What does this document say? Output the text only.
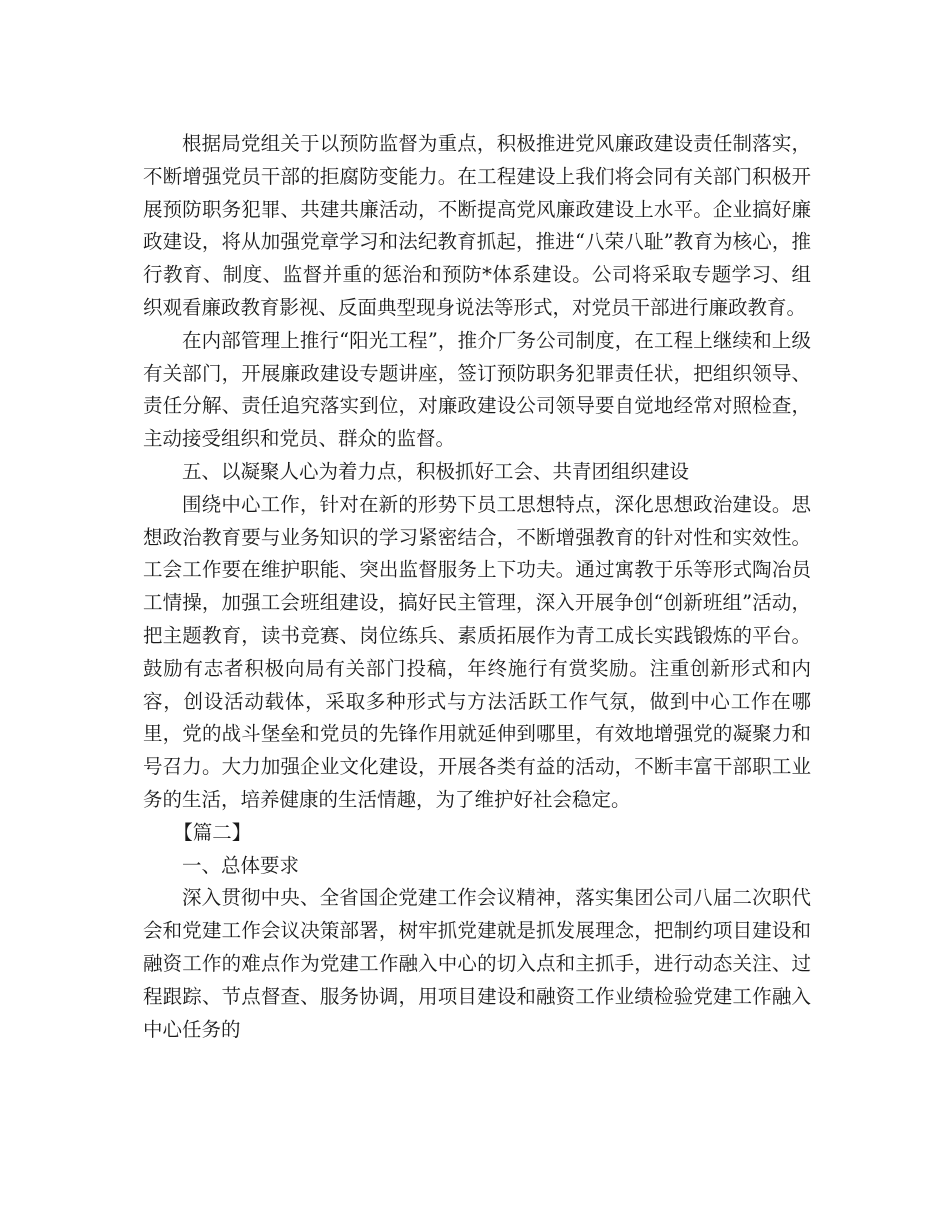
根据局党组关于以预防监督为重点，积极推进党风廉政建设责任制落实，不断增强党员干部的拒腐防变能力。在工程建设上我们将会同有关部门积极开展预防职务犯罪、共建共廉活动，不断提高党风廉政建设上水平。企业搞好廉政建设，将从加强党章学习和法纪教育抓起，推进“八荣八耻”教育为核心，推行教育、制度、监督并重的惩治和预防*体系建设。公司将采取专题学习、组织观看廉政教育影视、反面典型现身说法等形式，对党员干部进行廉政教育。

在内部管理上推行“阳光工程”，推介厂务公司制度，在工程上继续和上级有关部门，开展廉政建设专题讲座，签订预防职务犯罪责任状，把组织领导、责任分解、责任追究落实到位，对廉政建设公司领导要自觉地经常对照检查，主动接受组织和党员、群众的监督。

五、以凝聚人心为着力点，积极抓好工会、共青团组织建设

围绕中心工作，针对在新的形势下员工思想特点，深化思想政治建设。思想政治教育要与业务知识的学习紧密结合，不断增强教育的针对性和实效性。工会工作要在维护职能、突出监督服务上下功夫。通过寓教于乐等形式陶冶员工情操，加强工会班组建设，搞好民主管理，深入开展争创“创新班组”活动，把主题教育，读书竞赛、岗位练兵、素质拓展作为青工成长实践锻炼的平台。鼓励有志者积极向局有关部门投稿，年终施行有赏奖励。注重创新形式和内容，创设活动载体，采取多种形式与方法活跃工作气氛，做到中心工作在哪里，党的战斗堡垒和党员的先锋作用就延伸到哪里，有效地增强党的凝聚力和号召力。大力加强企业文化建设，开展各类有益的活动，不断丰富干部职工业务的生活，培养健康的生活情趣，为了维护好社会稳定。

【篇二】

一、总体要求

深入贯彻中央、全省国企党建工作会议精神，落实集团公司八届二次职代会和党建工作会议决策部署，树牢抓党建就是抓发展理念，把制约项目建设和融资工作的难点作为党建工作融入中心的切入点和主抓手，进行动态关注、过程跟踪、节点督查、服务协调，用项目建设和融资工作业绩检验党建工作融入中心任务的
